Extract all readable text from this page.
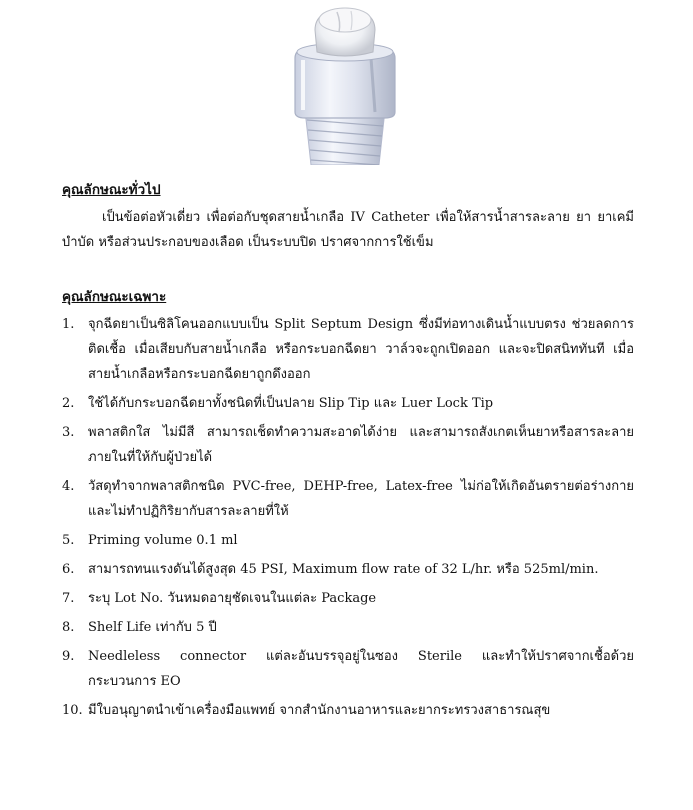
คุณลักษณะทั่วไป

เป็นข้อต่อหัวเดี่ยว เพื่อต่อกับชุดสายน้ำเกลือ IV Catheter เพื่อให้สารน้ำสารละลาย ยา ยาเคมีบำบัด หรือส่วนประกอบของเลือด เป็นระบบปิด ปราศจากการใช้เข็ม

คุณลักษณะเฉพาะ
1. จุกฉีดยาเป็นซิลิโคนออกแบบเป็น Split Septum Design ซึ่งมีท่อทางเดินน้ำแบบตรง ช่วยลดการติดเชื้อ เมื่อเสียบกับสายน้ำเกลือ หรือกระบอกฉีดยา วาล์วจะถูกเปิดออก และจะปิดสนิททันที เมื่อสายน้ำเกลือหรือกระบอกฉีดยาถูกดึงออก
2. ใช้ได้กับกระบอกฉีดยาทั้งชนิดที่เป็นปลาย Slip Tip และ Luer Lock Tip
3. พลาสติกใส ไม่มีสี สามารถเช็ดทำความสะอาดได้ง่าย และสามารถสังเกตเห็นยาหรือสารละลายภายในที่ให้กับผู้ป่วยได้
4. วัสดุทำจากพลาสติกชนิด PVC-free, DEHP-free, Latex-free ไม่ก่อให้เกิดอันตรายต่อร่างกาย และไม่ทำปฏิกิริยากับสารละลายที่ให้
5. Priming volume 0.1 ml
6. สามารถทนแรงดันได้สูงสุด 45 PSI, Maximum flow rate of 32 L/hr. หรือ 525ml/min.
7. ระบุ Lot No. วันหมดอายุชัดเจนในแต่ละ Package
8. Shelf Life เท่ากับ 5 ปี
9. Needleless connector แต่ละอันบรรจุอยู่ในซอง Sterile และทำให้ปราศจากเชื้อด้วยกระบวนการ EO
10. มีใบอนุญาตนำเข้าเครื่องมือแพทย์ จากสำนักงานอาหารและยากระทรวงสาธารณสุข
